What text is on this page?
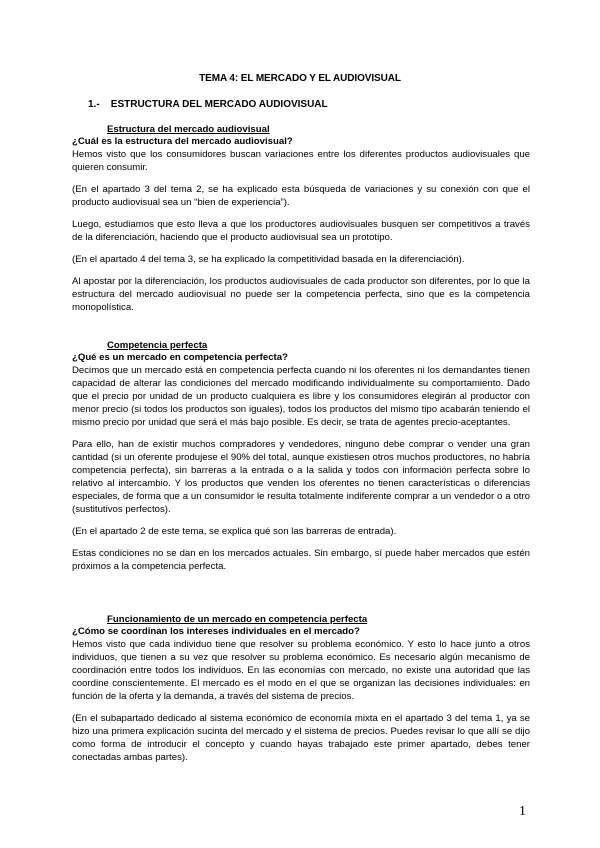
TEMA 4: EL MERCADO Y EL AUDIOVISUAL
1.- ESTRUCTURA DEL MERCADO AUDIOVISUAL
Estructura del mercado audiovisual
¿Cuál es la estructura del mercado audiovisual?

Hemos visto que los consumidores buscan variaciones entre los diferentes productos audiovisuales que quieren consumir.

(En el apartado 3 del tema 2, se ha explicado esta búsqueda de variaciones y su conexión con que el producto audiovisual sea un “bien de experiencia”).

Luego, estudiamos que esto lleva a que los productores audiovisuales busquen ser competitivos a través de la diferenciación, haciendo que el producto audiovisual sea un prototipo.

(En el apartado 4 del tema 3, se ha explicado la competitividad basada en la diferenciación).

Al apostar por la diferenciación, los productos audiovisuales de cada productor son diferentes, por lo que la estructura del mercado audiovisual no puede ser la competencia perfecta, sino que es la competencia monopolística.

Competencia perfecta
¿Qué es un mercado en competencia perfecta?

Decimos que un mercado está en competencia perfecta cuando ni los oferentes ni los demandantes tienen capacidad de alterar las condiciones del mercado modificando individualmente su comportamiento. Dado que el precio por unidad de un producto cualquiera es libre y los consumidores elegirán al productor con menor precio (si todos los productos son iguales), todos los productos del mismo tipo acabarán teniendo el mismo precio por unidad que será el más bajo posible. Es decir, se trata de agentes precio-aceptantes.

Para ello, han de existir muchos compradores y vendedores, ninguno debe comprar o vender una gran cantidad (si un oferente produjese el 90% del total, aunque existiesen otros muchos productores, no habría competencia perfecta), sin barreras a la entrada o a la salida y todos con información perfecta sobre lo relativo al intercambio. Y los productos que venden los oferentes no tienen características o diferencias especiales, de forma que a un consumidor le resulta totalmente indiferente comprar a un vendedor o a otro (sustitutivos perfectos).

(En el apartado 2 de este tema, se explica qué son las barreras de entrada).

Estas condiciones no se dan en los mercados actuales. Sin embargo, sí puede haber mercados que estén próximos a la competencia perfecta.

Funcionamiento de un mercado en competencia perfecta
¿Cómo se coordinan los intereses individuales en el mercado?

Hemos visto que cada individuo tiene que resolver su problema económico. Y esto lo hace junto a otros individuos, que tienen a su vez que resolver su problema económico. Es necesario algún mecanismo de coordinación entre todos los individuos. En las economías con mercado, no existe una autoridad que las coordine conscientemente. El mercado es el modo en el que se organizan las decisiones individuales: en función de la oferta y la demanda, a través del sistema de precios.

(En el subapartado dedicado al sistema económico de economía mixta en el apartado 3 del tema 1, ya se hizo una primera explicación sucinta del mercado y el sistema de precios. Puedes revisar lo que allí se dijo como forma de introducir el concepto y cuando hayas trabajado este primer apartado, debes tener conectadas ambas partes).

1
